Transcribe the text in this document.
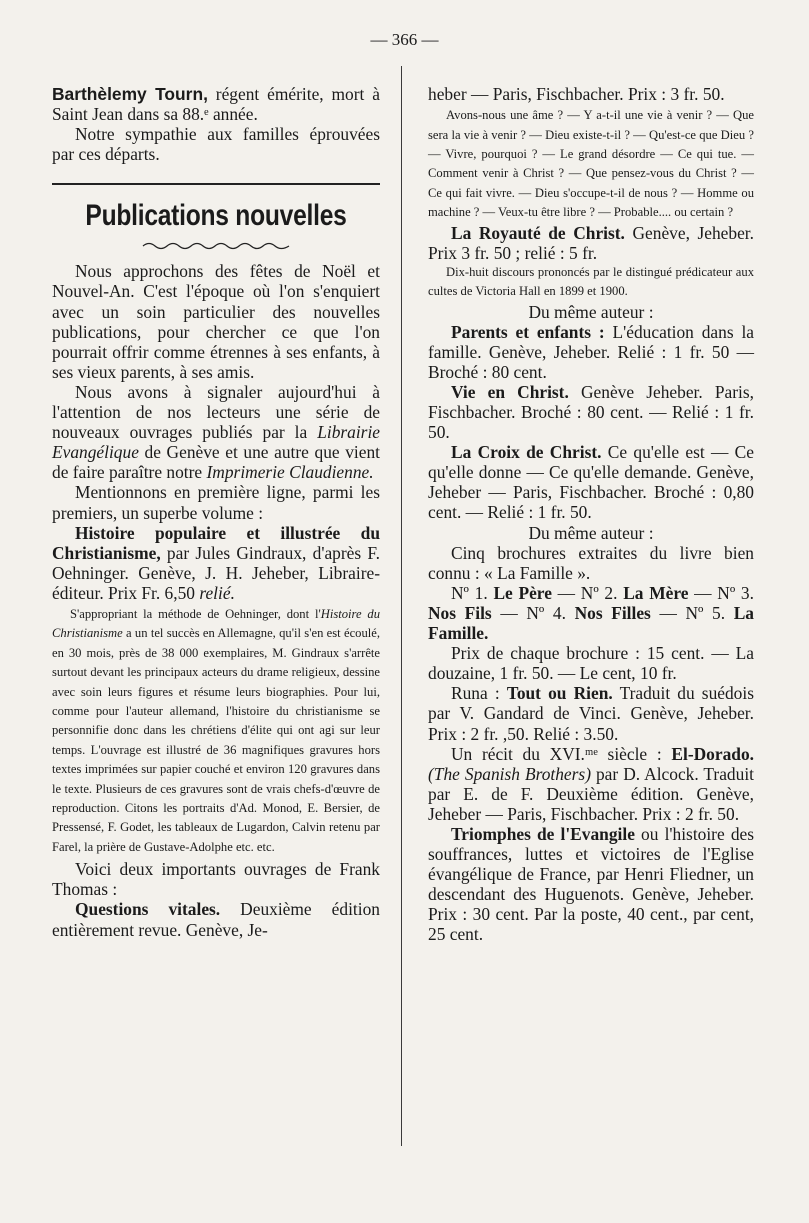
— 366 —

Barthèlemy Tourn, régent émérite, mort à Saint Jean dans sa 88.ᵉ année.

Notre sympathie aux familles éprouvées par ces départs.

Publications nouvelles

Nous approchons des fêtes de Noël et Nouvel-An. C'est l'époque où l'on s'enquiert avec un soin particulier des nouvelles publications, pour chercher ce que l'on pourrait offrir comme étrennes à ses enfants, à ses vieux parents, à ses amis.

Nous avons à signaler aujourd'hui à l'attention de nos lecteurs une série de nouveaux ouvrages publiés par la Librairie Evangélique de Genève et une autre que vient de faire paraître notre Imprimerie Claudienne.

Mentionnons en première ligne, parmi les premiers, un superbe volume :

Histoire populaire et illustrée du Christianisme, par Jules Gindraux, d'après F. Oehninger. Genève, J. H. Jeheber, Libraire-éditeur. Prix Fr. 6,50 relié.

S'appropriant la méthode de Oehninger, dont l'Histoire du Christianisme a un tel succès en Allemagne, qu'il s'en est écoulé, en 30 mois, près de 38 000 exemplaires, M. Gindraux s'arrête surtout devant les principaux acteurs du drame religieux, dessine avec soin leurs figures et résume leurs biographies. Pour lui, comme pour l'auteur allemand, l'histoire du christianisme se personnifie donc dans les chrétiens d'élite qui ont agi sur leur temps. L'ouvrage est illustré de 36 magnifiques gravures hors textes imprimées sur papier couché et environ 120 gravures dans le texte. Plusieurs de ces gravures sont de vrais chefs-d'œuvre de reproduction. Citons les portraits d'Ad. Monod, E. Bersier, de Pressensé, F. Godet, les tableaux de Lugardon, Calvin retenu par Farel, la prière de Gustave-Adolphe etc. etc.

Voici deux importants ouvrages de Frank Thomas :

Questions vitales. Deuxième édition entièrement revue. Genève, Je-

heber — Paris, Fischbacher. Prix : 3 fr. 50.

Avons-nous une âme ? — Y a-t-il une vie à venir ? — Que sera la vie à venir ? — Dieu existe-t-il ? — Qu'est-ce que Dieu ? — Vivre, pourquoi ? — Le grand désordre — Ce qui tue. — Comment venir à Christ ? — Que pensez-vous du Christ ? — Ce qui fait vivre. — Dieu s'occupe-t-il de nous ? — Homme ou machine ? — Veux-tu être libre ? — Probable.... ou certain ?

La Royauté de Christ. Genève, Jeheber. Prix 3 fr. 50 ; relié : 5 fr.

Dix-huit discours prononcés par le distingué prédicateur aux cultes de Victoria Hall en 1899 et 1900.

Du même auteur :

Parents et enfants : L'éducation dans la famille. Genève, Jeheber. Relié : 1 fr. 50 — Broché : 80 cent.

Vie en Christ. Genève Jeheber. Paris, Fischbacher. Broché : 80 cent. — Relié : 1 fr. 50.

La Croix de Christ. Ce qu'elle est — Ce qu'elle donne — Ce qu'elle demande. Genève, Jeheber — Paris, Fischbacher. Broché : 0,80 cent. — Relié : 1 fr. 50.

Du même auteur :

Cinq brochures extraites du livre bien connu : « La Famille ».

Nº 1. Le Père — Nº 2. La Mère — Nº 3. Nos Fils — Nº 4. Nos Filles — Nº 5. La Famille.

Prix de chaque brochure : 15 cent. — La douzaine, 1 fr. 50. — Le cent, 10 fr.

Runa : Tout ou Rien. Traduit du suédois par V. Gandard de Vinci. Genève, Jeheber. Prix : 2 fr. ,50. Relié : 3.50.

Un récit du XVI.ᵐᵉ siècle : El-Dorado. (The Spanish Brothers) par D. Alcock. Traduit par E. de F. Deuxième édition. Genève, Jeheber — Paris, Fischbacher. Prix : 2 fr. 50.

Triomphes de l'Evangile ou l'histoire des souffrances, luttes et victoires de l'Eglise évangélique de France, par Henri Fliedner, un descendant des Huguenots. Genève, Jeheber. Prix : 30 cent. Par la poste, 40 cent., par cent, 25 cent.
